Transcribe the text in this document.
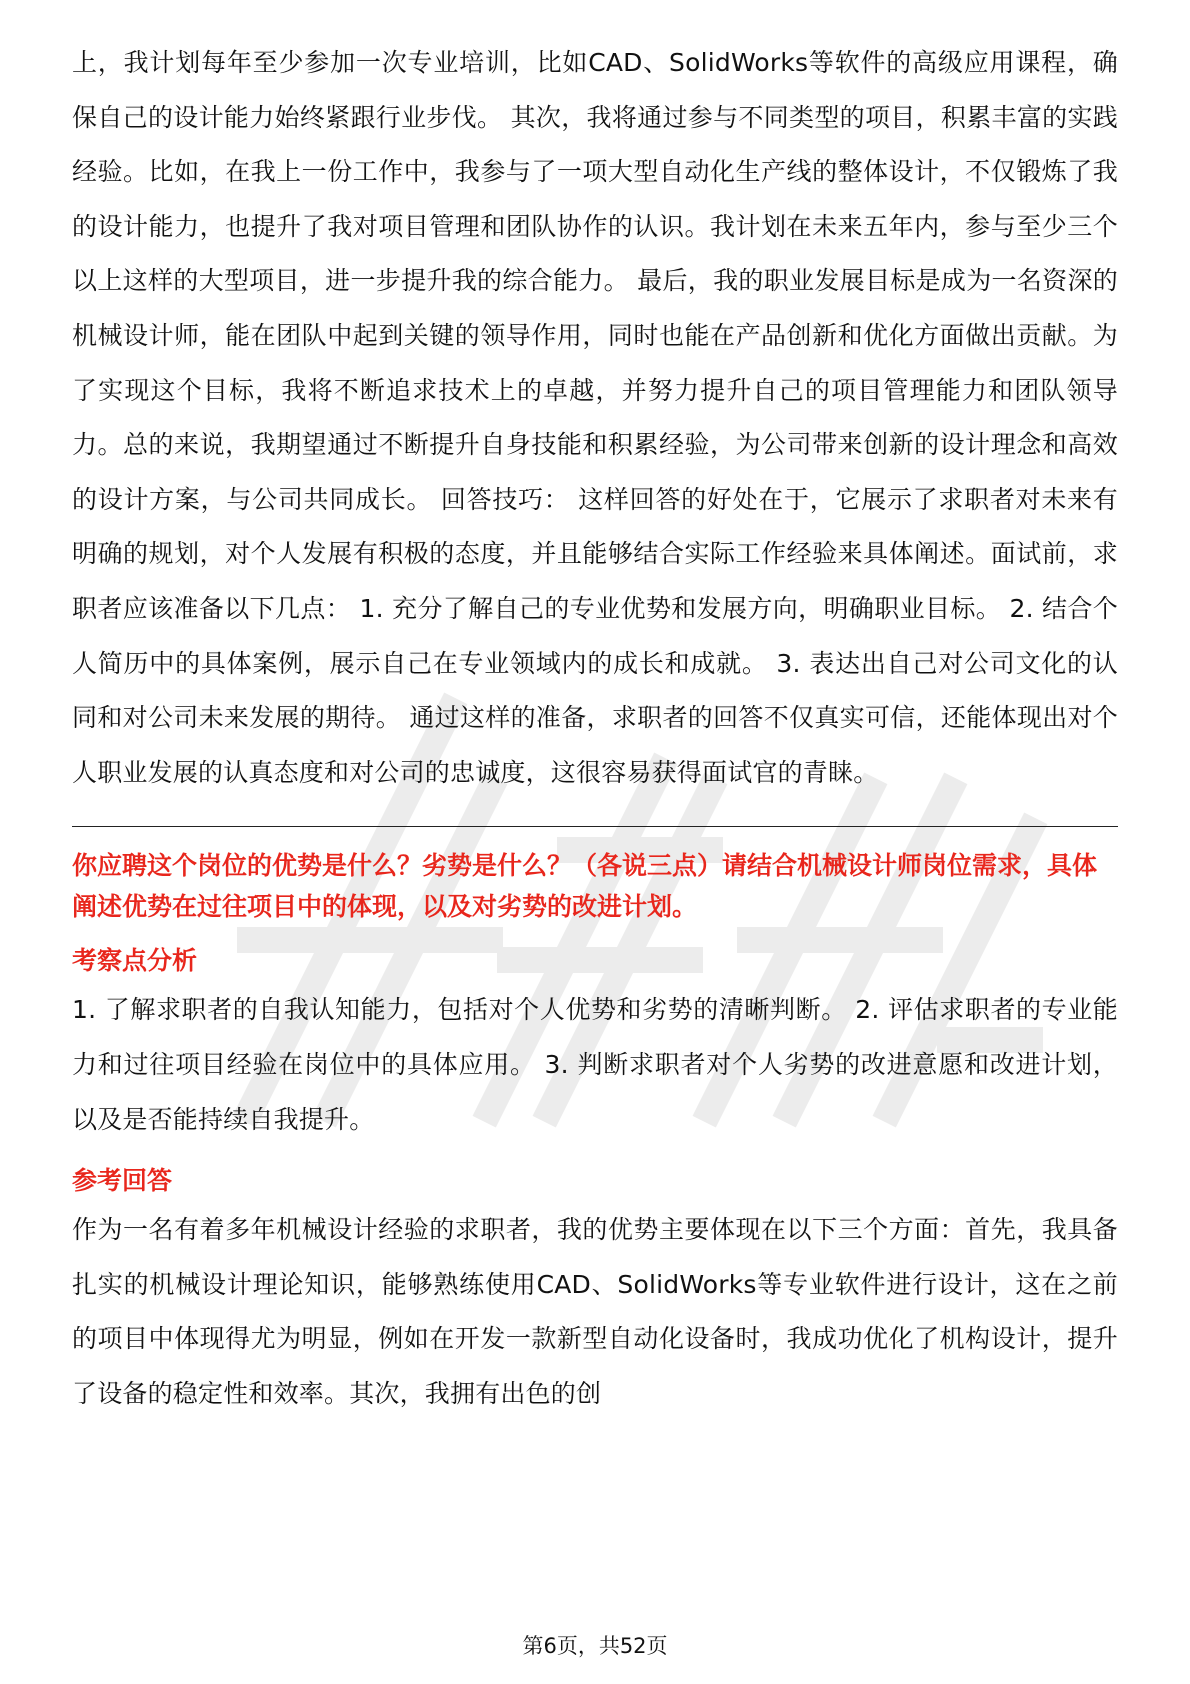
上，我计划每年至少参加一次专业培训，比如CAD、SolidWorks等软件的高级应用课程，确保自己的设计能力始终紧跟行业步伐。 其次，我将通过参与不同类型的项目，积累丰富的实践经验。比如，在我上一份工作中，我参与了一项大型自动化生产线的整体设计，不仅锻炼了我的设计能力，也提升了我对项目管理和团队协作的认识。我计划在未来五年内，参与至少三个以上这样的大型项目，进一步提升我的综合能力。 最后，我的职业发展目标是成为一名资深的机械设计师，能在团队中起到关键的领导作用，同时也能在产品创新和优化方面做出贡献。为了实现这个目标，我将不断追求技术上的卓越，并努力提升自己的项目管理能力和团队领导力。总的来说，我期望通过不断提升自身技能和积累经验，为公司带来创新的设计理念和高效的设计方案，与公司共同成长。 回答技巧： 这样回答的好处在于，它展示了求职者对未来有明确的规划，对个人发展有积极的态度，并且能够结合实际工作经验来具体阐述。面试前，求职者应该准备以下几点： 1. 充分了解自己的专业优势和发展方向，明确职业目标。 2. 结合个人简历中的具体案例，展示自己在专业领域内的成长和成就。 3. 表达出自己对公司文化的认同和对公司未来发展的期待。 通过这样的准备，求职者的回答不仅真实可信，还能体现出对个人职业发展的认真态度和对公司的忠诚度，这很容易获得面试官的青睐。

你应聘这个岗位的优势是什么？劣势是什么？（各说三点）请结合机械设计师岗位需求，具体阐述优势在过往项目中的体现，以及对劣势的改进计划。

考察点分析

1. 了解求职者的自我认知能力，包括对个人优势和劣势的清晰判断。 2. 评估求职者的专业能力和过往项目经验在岗位中的具体应用。 3. 判断求职者对个人劣势的改进意愿和改进计划，以及是否能持续自我提升。

参考回答

作为一名有着多年机械设计经验的求职者，我的优势主要体现在以下三个方面：首先，我具备扎实的机械设计理论知识，能够熟练使用CAD、SolidWorks等专业软件进行设计，这在之前的项目中体现得尤为明显，例如在开发一款新型自动化设备时，我成功优化了机构设计，提升了设备的稳定性和效率。其次，我拥有出色的创

第6页，共52页
